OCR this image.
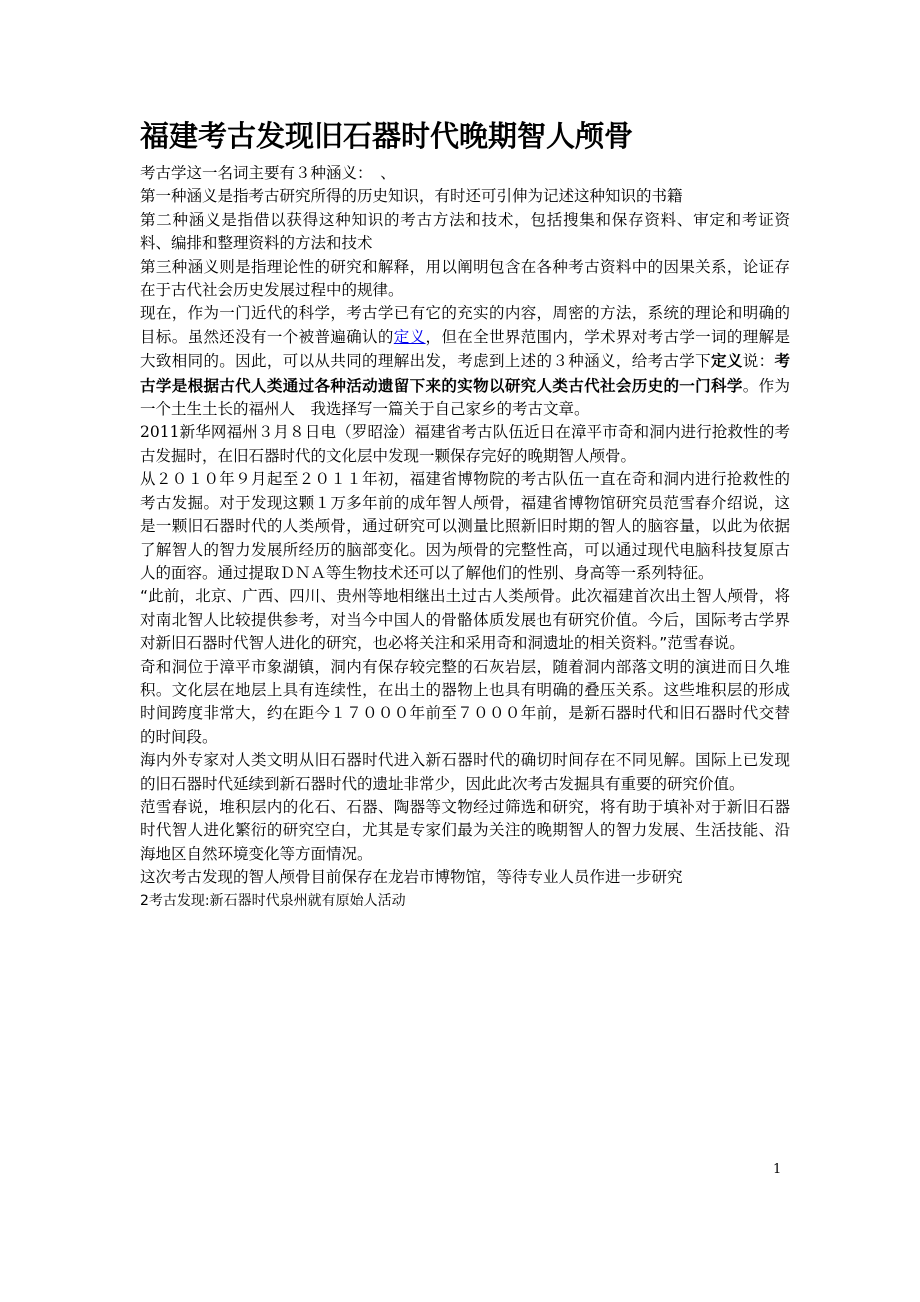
福建考古发现旧石器时代晚期智人颅骨

考古学这一名词主要有３种涵义：　、

第一种涵义是指考古研究所得的历史知识，有时还可引伸为记述这种知识的书籍

第二种涵义是指借以获得这种知识的考古方法和技术，包括搜集和保存资料、审定和考证资料、编排和整理资料的方法和技术

第三种涵义则是指理论性的研究和解释，用以阐明包含在各种考古资料中的因果关系，论证存在于古代社会历史发展过程中的规律。

现在，作为一门近代的科学，考古学已有它的充实的内容，周密的方法，系统的理论和明确的目标。虽然还没有一个被普遍确认的定义，但在全世界范围内，学术界对考古学一词的理解是大致相同的。因此，可以从共同的理解出发，考虑到上述的３种涵义，给考古学下定义说：考古学是根据古代人类通过各种活动遗留下来的实物以研究人类古代社会历史的一门科学。作为一个土生土长的福州人　我选择写一篇关于自己家乡的考古文章。

2011新华网福州３月８日电（罗昭淦）福建省考古队伍近日在漳平市奇和洞内进行抢救性的考古发掘时，在旧石器时代的文化层中发现一颗保存完好的晚期智人颅骨。

从２０１０年９月起至２０１１年初，福建省博物院的考古队伍一直在奇和洞内进行抢救性的考古发掘。对于发现这颗１万多年前的成年智人颅骨，福建省博物馆研究员范雪春介绍说，这是一颗旧石器时代的人类颅骨，通过研究可以测量比照新旧时期的智人的脑容量，以此为依据了解智人的智力发展所经历的脑部变化。因为颅骨的完整性高，可以通过现代电脑科技复原古人的面容。通过提取ＤＮＡ等生物技术还可以了解他们的性别、身高等一系列特征。

“此前，北京、广西、四川、贵州等地相继出土过古人类颅骨。此次福建首次出土智人颅骨，将对南北智人比较提供参考，对当今中国人的骨骼体质发展也有研究价值。今后，国际考古学界对新旧石器时代智人进化的研究，也必将关注和采用奇和洞遗址的相关资料。”范雪春说。

奇和洞位于漳平市象湖镇，洞内有保存较完整的石灰岩层，随着洞内部落文明的演进而日久堆积。文化层在地层上具有连续性，在出土的器物上也具有明确的叠压关系。这些堆积层的形成时间跨度非常大，约在距今１７０００年前至７０００年前，是新石器时代和旧石器时代交替的时间段。

海内外专家对人类文明从旧石器时代进入新石器时代的确切时间存在不同见解。国际上已发现的旧石器时代延续到新石器时代的遗址非常少，因此此次考古发掘具有重要的研究价值。

范雪春说，堆积层内的化石、石器、陶器等文物经过筛选和研究，将有助于填补对于新旧石器时代智人进化繁衍的研究空白，尤其是专家们最为关注的晚期智人的智力发展、生活技能、沿海地区自然环境变化等方面情况。

这次考古发现的智人颅骨目前保存在龙岩市博物馆，等待专业人员作进一步研究

2考古发现:新石器时代泉州就有原始人活动

1
